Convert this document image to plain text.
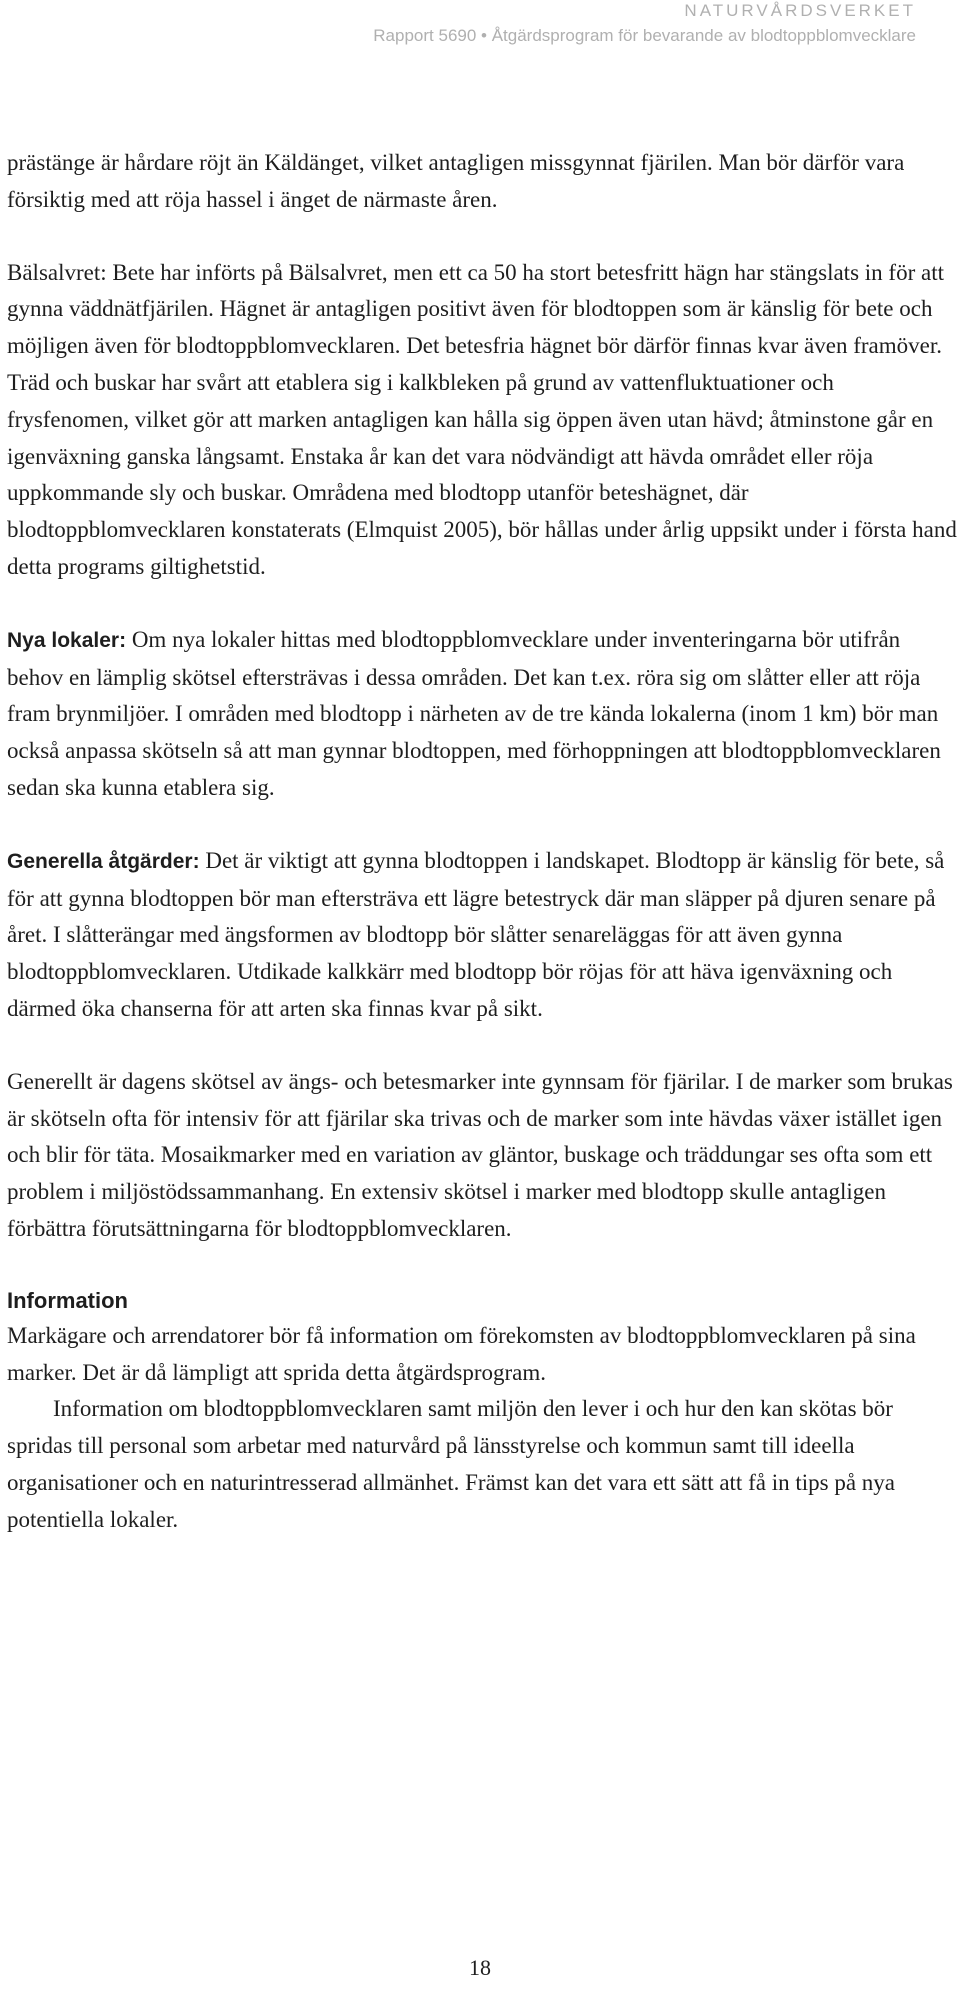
NATURVÅRDSVERKET
Rapport 5690 • Åtgärdsprogram för bevarande av blodtoppblomvecklare

prästänge är hårdare röjt än Käldänget, vilket antagligen missgynnat fjärilen. Man bör därför vara försiktig med att röja hassel i änget de närmaste åren.

Bälsalvret: Bete har införts på Bälsalvret, men ett ca 50 ha stort betesfritt hägn har stängslats in för att gynna väddnätfjärilen. Hägnet är antagligen positivt även för blodtoppen som är känslig för bete och möjligen även för blodtoppblomvecklaren. Det betesfria hägnet bör därför finnas kvar även framöver. Träd och buskar har svårt att etablera sig i kalkbleken på grund av vattenfluktuationer och frysfenomen, vilket gör att marken antagligen kan hålla sig öppen även utan hävd; åtminstone går en igenväxning ganska långsamt. Enstaka år kan det vara nödvändigt att hävda området eller röja uppkommande sly och buskar. Områdena med blodtopp utanför beteshägnet, där blodtoppblomvecklaren konstaterats (Elmquist 2005), bör hållas under årlig uppsikt under i första hand detta programs giltighetstid.

Nya lokaler: Om nya lokaler hittas med blodtoppblomvecklare under inventeringarna bör utifrån behov en lämplig skötsel eftersträvas i dessa områden. Det kan t.ex. röra sig om slåtter eller att röja fram brynmiljöer. I områden med blodtopp i närheten av de tre kända lokalerna (inom 1 km) bör man också anpassa skötseln så att man gynnar blodtoppen, med förhoppningen att blodtoppblomvecklaren sedan ska kunna etablera sig.

Generella åtgärder: Det är viktigt att gynna blodtoppen i landskapet. Blodtopp är känslig för bete, så för att gynna blodtoppen bör man eftersträva ett lägre betestryck där man släpper på djuren senare på året. I slåtterängar med ängsformen av blodtopp bör slåtter senareläggas för att även gynna blodtoppblomvecklaren. Utdikade kalkkärr med blodtopp bör röjas för att häva igenväxning och därmed öka chanserna för att arten ska finnas kvar på sikt.

Generellt är dagens skötsel av ängs- och betesmarker inte gynnsam för fjärilar. I de marker som brukas är skötseln ofta för intensiv för att fjärilar ska trivas och de marker som inte hävdas växer istället igen och blir för täta. Mosaikmarker med en variation av gläntor, buskage och träddungar ses ofta som ett problem i miljöstödssammanhang. En extensiv skötsel i marker med blodtopp skulle antagligen förbättra förutsättningarna för blodtoppblomvecklaren.

Information

Markägare och arrendatorer bör få information om förekomsten av blodtoppblomvecklaren på sina marker. Det är då lämpligt att sprida detta åtgärdsprogram.

Information om blodtoppblomvecklaren samt miljön den lever i och hur den kan skötas bör spridas till personal som arbetar med naturvård på länsstyrelse och kommun samt till ideella organisationer och en naturintresserad allmänhet. Främst kan det vara ett sätt att få in tips på nya potentiella lokaler.

18
